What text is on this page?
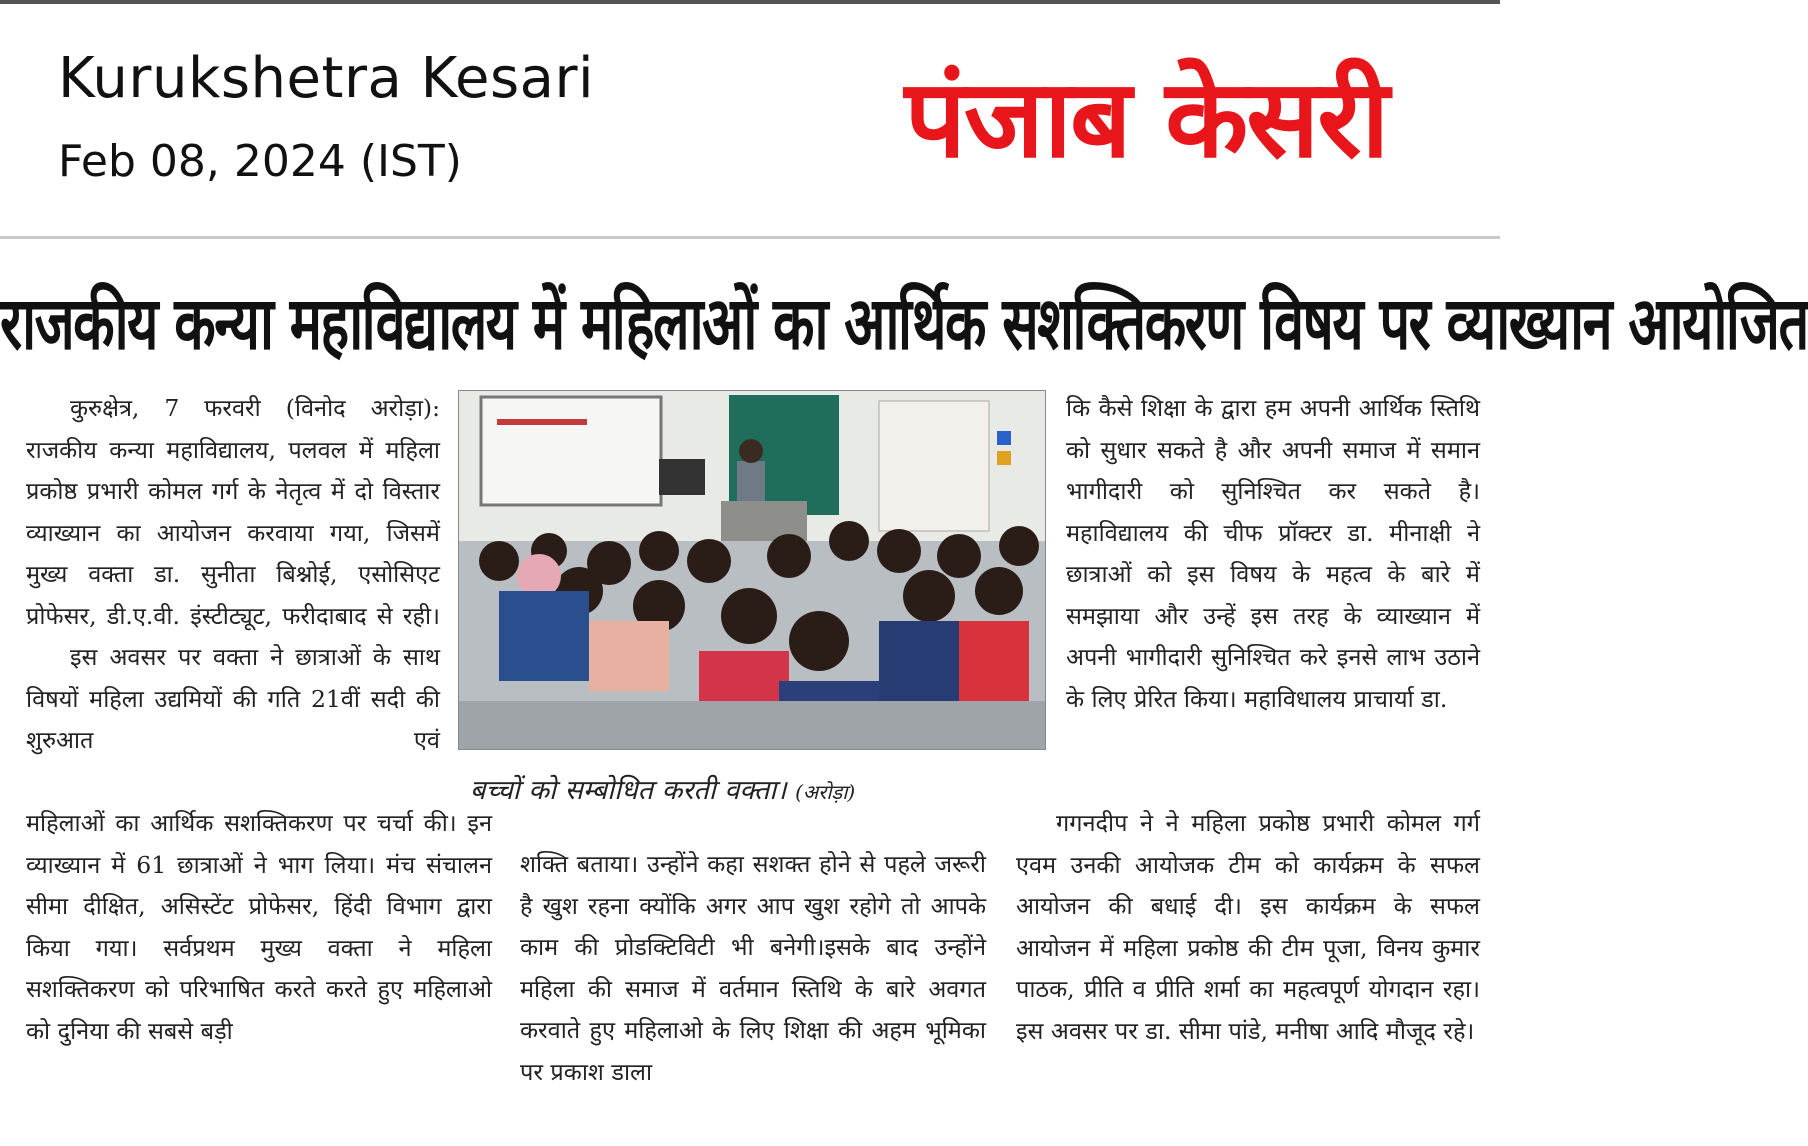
Kurukshetra Kesari
Feb 08, 2024 (IST)	पंजाब केसरी
राजकीय कन्या महाविद्यालय में महिलाओं का आर्थिक सशक्तिकरण विषय पर व्याख्यान आयोजित

कुरुक्षेत्र, 7 फरवरी (विनोद अरोड़ा): राजकीय कन्या महाविद्यालय, पलवल में महिला प्रकोष्ठ प्रभारी कोमल गर्ग के नेतृत्व में दो विस्तार व्याख्यान का आयोजन करवाया गया, जिसमें मुख्य वक्ता डा. सुनीता बिश्नोई, एसोसिएट प्रोफेसर, डी.ए.वी. इंस्टीट्यूट, फरीदाबाद से रही।

इस अवसर पर वक्ता ने छात्राओं के साथ विषयों महिला उद्यमियों की गति 21वीं सदी की शुरुआत एवं

महिलाओं का आर्थिक सशक्तिकरण पर चर्चा की। इन व्याख्यान में 61 छात्राओं ने भाग लिया। मंच संचालन सीमा दीक्षित, असिस्टेंट प्रोफेसर, हिंदी विभाग द्वारा किया गया। सर्वप्रथम मुख्य वक्ता ने महिला सशक्तिकरण को परिभाषित करते करते हुए महिलाओ को दुनिया की सबसे बड़ी

बच्चों को सम्बोधित करती वक्ता। (अरोड़ा)

शक्ति बताया। उन्होंने कहा सशक्त होने से पहले जरूरी है खुश रहना क्योंकि अगर आप खुश रहोगे तो आपके काम की प्रोडक्टिविटी भी बनेगी।इसके बाद उन्होंने महिला की समाज में वर्तमान स्तिथि के बारे अवगत करवाते हुए महिलाओ के लिए शिक्षा की अहम भूमिका पर प्रकाश डाला

कि कैसे शिक्षा के द्वारा हम अपनी आर्थिक स्तिथि को सुधार सकते है और अपनी समाज में समान भागीदारी को सुनिश्चित कर सकते है।महाविद्यालय की चीफ प्रॉक्टर डा. मीनाक्षी ने छात्राओं को इस विषय के महत्व के बारे में समझाया और उन्हें इस तरह के व्याख्यान में अपनी भागीदारी सुनिश्चित करे इनसे लाभ उठाने के लिए प्रेरित किया। महाविधालय प्राचार्या डा.

गगनदीप ने ने महिला प्रकोष्ठ प्रभारी कोमल गर्ग एवम उनकी आयोजक टीम को कार्यक्रम के सफल आयोजन की बधाई दी। इस कार्यक्रम के सफल आयोजन में महिला प्रकोष्ठ की टीम पूजा, विनय कुमार पाठक, प्रीति व प्रीति शर्मा का महत्वपूर्ण योगदान रहा। इस अवसर पर डा. सीमा पांडे, मनीषा आदि मौजूद रहे।
